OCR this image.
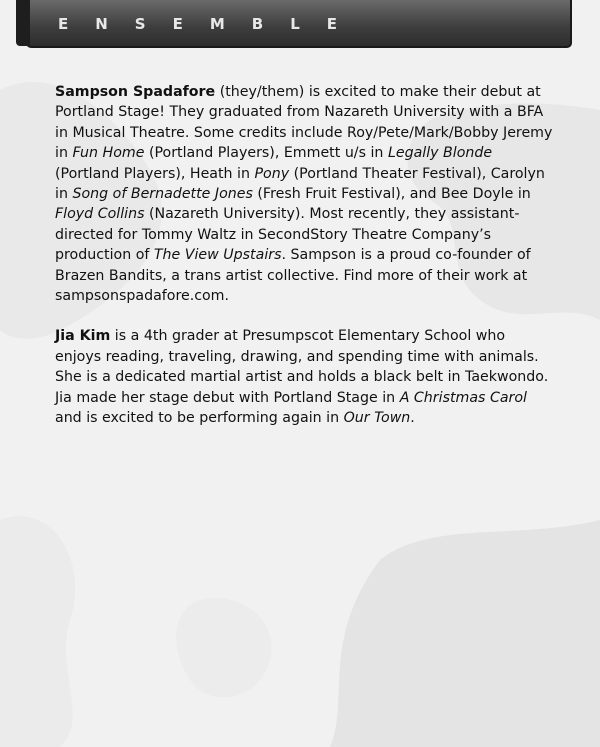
ENSEMBLE

Sampson Spadafore (they/them) is excited to make their debut at Portland Stage! They graduated from Nazareth University with a BFA in Musical Theatre. Some credits include Roy/Pete/Mark/Bobby Jeremy in Fun Home (Portland Players), Emmett u/s in Legally Blonde (Portland Players), Heath in Pony (Portland Theater Festival), Carolyn in Song of Bernadette Jones (Fresh Fruit Festival), and Bee Doyle in Floyd Collins (Nazareth University). Most recently, they assistant-directed for Tommy Waltz in SecondStory Theatre Company’s production of The View Upstairs. Sampson is a proud co-founder of Brazen Bandits, a trans artist collective. Find more of their work at sampsonspadafore.com.

Jia Kim is a 4th grader at Presumpscot Elementary School who enjoys reading, traveling, drawing, and spending time with animals. She is a dedicated martial artist and holds a black belt in Taekwondo. Jia made her stage debut with Portland Stage in A Christmas Carol and is excited to be performing again in Our Town.
